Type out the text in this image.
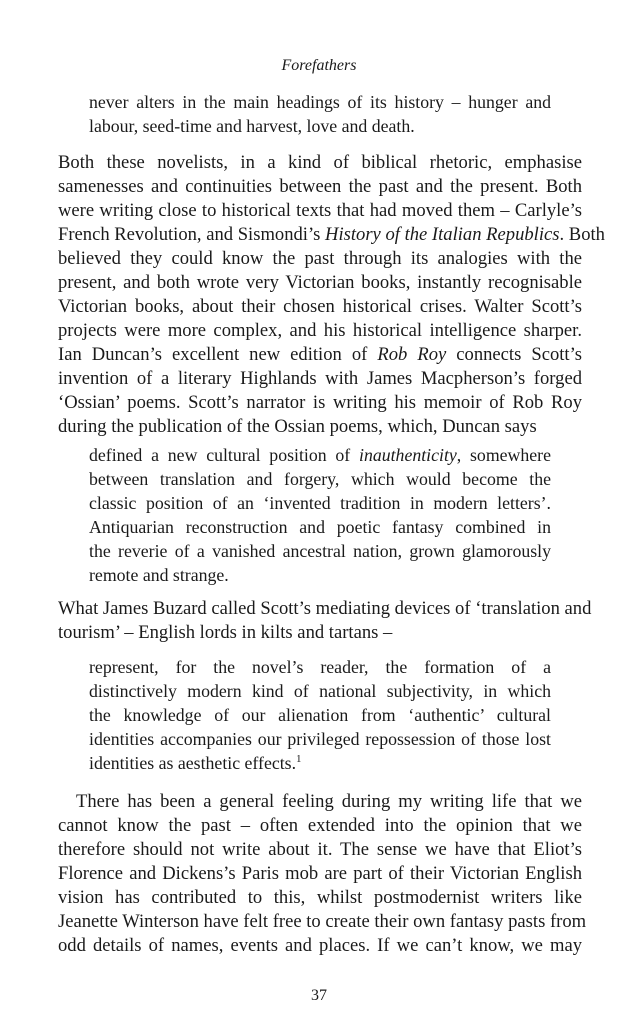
Forefathers
never alters in the main headings of its history – hunger and
labour, seed-time and harvest, love and death.
Both these novelists, in a kind of biblical rhetoric, emphasise
samenesses and continuities between the past and the present. Both
were writing close to historical texts that had moved them – Carlyle’s
French Revolution, and Sismondi’s History of the Italian Republics. Both
believed they could know the past through its analogies with the
present, and both wrote very Victorian books, instantly recognisable
Victorian books, about their chosen historical crises. Walter Scott’s
projects were more complex, and his historical intelligence sharper.
Ian Duncan’s excellent new edition of Rob Roy connects Scott’s
invention of a literary Highlands with James Macpherson’s forged
‘Ossian’ poems. Scott’s narrator is writing his memoir of Rob Roy
during the publication of the Ossian poems, which, Duncan says
defined a new cultural position of inauthenticity, somewhere
between translation and forgery, which would become the
classic position of an ‘invented tradition in modern letters’.
Antiquarian reconstruction and poetic fantasy combined in
the reverie of a vanished ancestral nation, grown glamorously
remote and strange.
What James Buzard called Scott’s mediating devices of ‘translation and
tourism’ – English lords in kilts and tartans –
represent, for the novel’s reader, the formation of a
distinctively modern kind of national subjectivity, in which
the knowledge of our alienation from ‘authentic’ cultural
identities accompanies our privileged repossession of those lost
identities as aesthetic effects.$^1$
There has been a general feeling during my writing life that we
cannot know the past – often extended into the opinion that we
therefore should not write about it. The sense we have that Eliot’s
Florence and Dickens’s Paris mob are part of their Victorian English
vision has contributed to this, whilst postmodernist writers like
Jeanette Winterson have felt free to create their own fantasy pasts from
odd details of names, events and places. If we can’t know, we may
37
